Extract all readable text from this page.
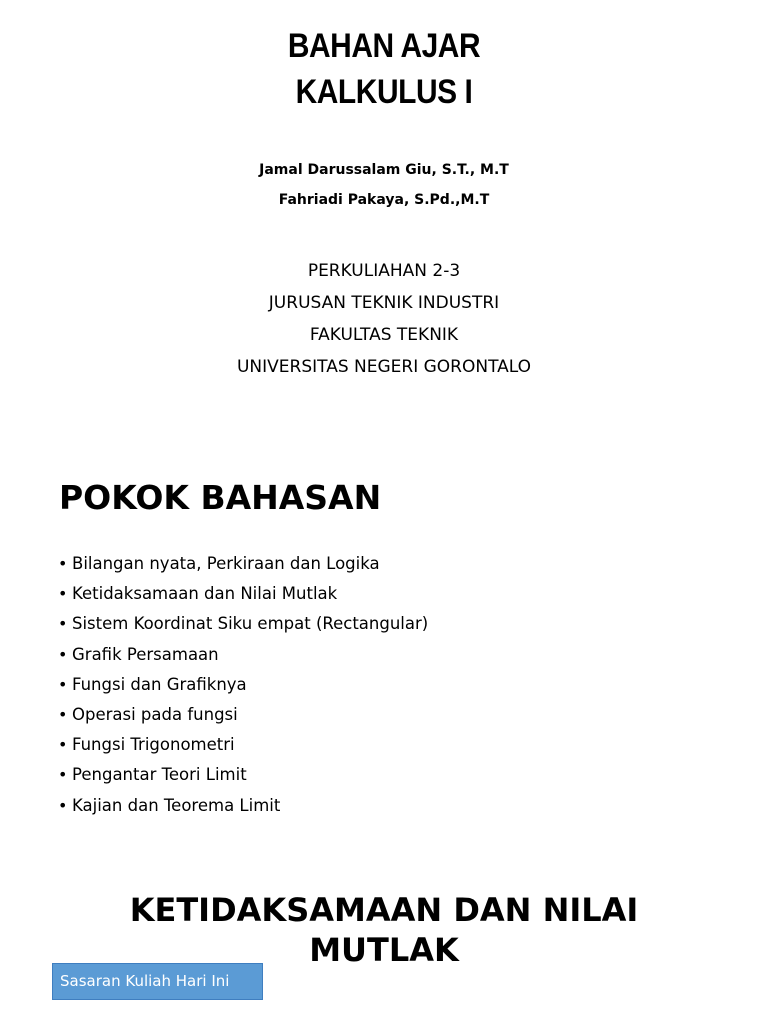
BAHAN AJAR
KALKULUS I
Jamal Darussalam Giu, S.T., M.T
Fahriadi Pakaya, S.Pd.,M.T
PERKULIAHAN 2-3
JURUSAN TEKNIK INDUSTRI
FAKULTAS TEKNIK
UNIVERSITAS NEGERI GORONTALO
POKOK BAHASAN
• Bilangan nyata, Perkiraan dan Logika
• Ketidaksamaan dan Nilai Mutlak
• Sistem Koordinat Siku empat (Rectangular)
• Grafik Persamaan
• Fungsi dan Grafiknya
• Operasi pada fungsi
• Fungsi Trigonometri
• Pengantar Teori Limit
• Kajian dan Teorema Limit
KETIDAKSAMAAN DAN NILAI
MUTLAK
Sasaran Kuliah Hari Ini
